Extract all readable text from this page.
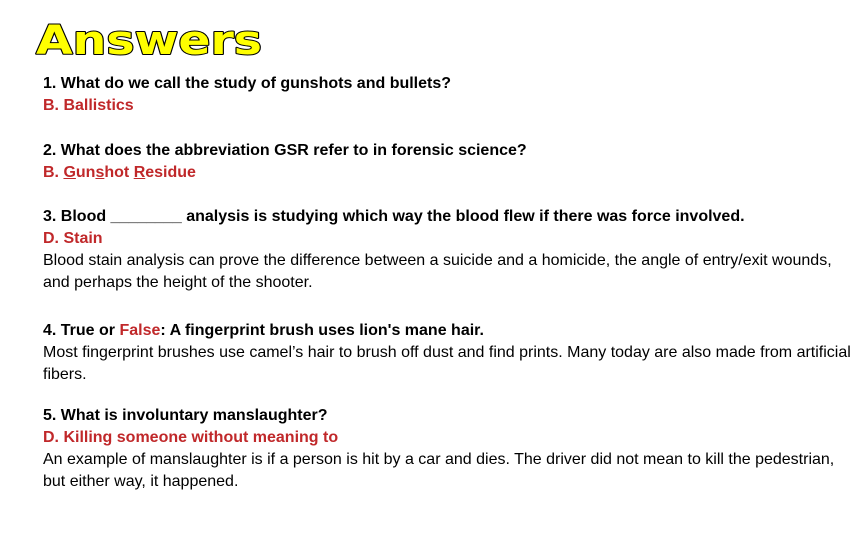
Answers
1. What do we call the study of gunshots and bullets?
B. Ballistics
2. What does the abbreviation GSR refer to in forensic science?
B. Gunshot Residue
3. Blood ________ analysis is studying which way the blood flew if there was force involved.
D. Stain
Blood stain analysis can prove the difference between a suicide and a homicide, the angle of entry/exit wounds, and perhaps the height of the shooter.
4. True or False: A fingerprint brush uses lion's mane hair.
Most fingerprint brushes use camel’s hair to brush off dust and find prints. Many today are also made from artificial fibers.
5. What is involuntary manslaughter?
D. Killing someone without meaning to
An example of manslaughter is if a person is hit by a car and dies. The driver did not mean to kill the pedestrian, but either way, it happened.
